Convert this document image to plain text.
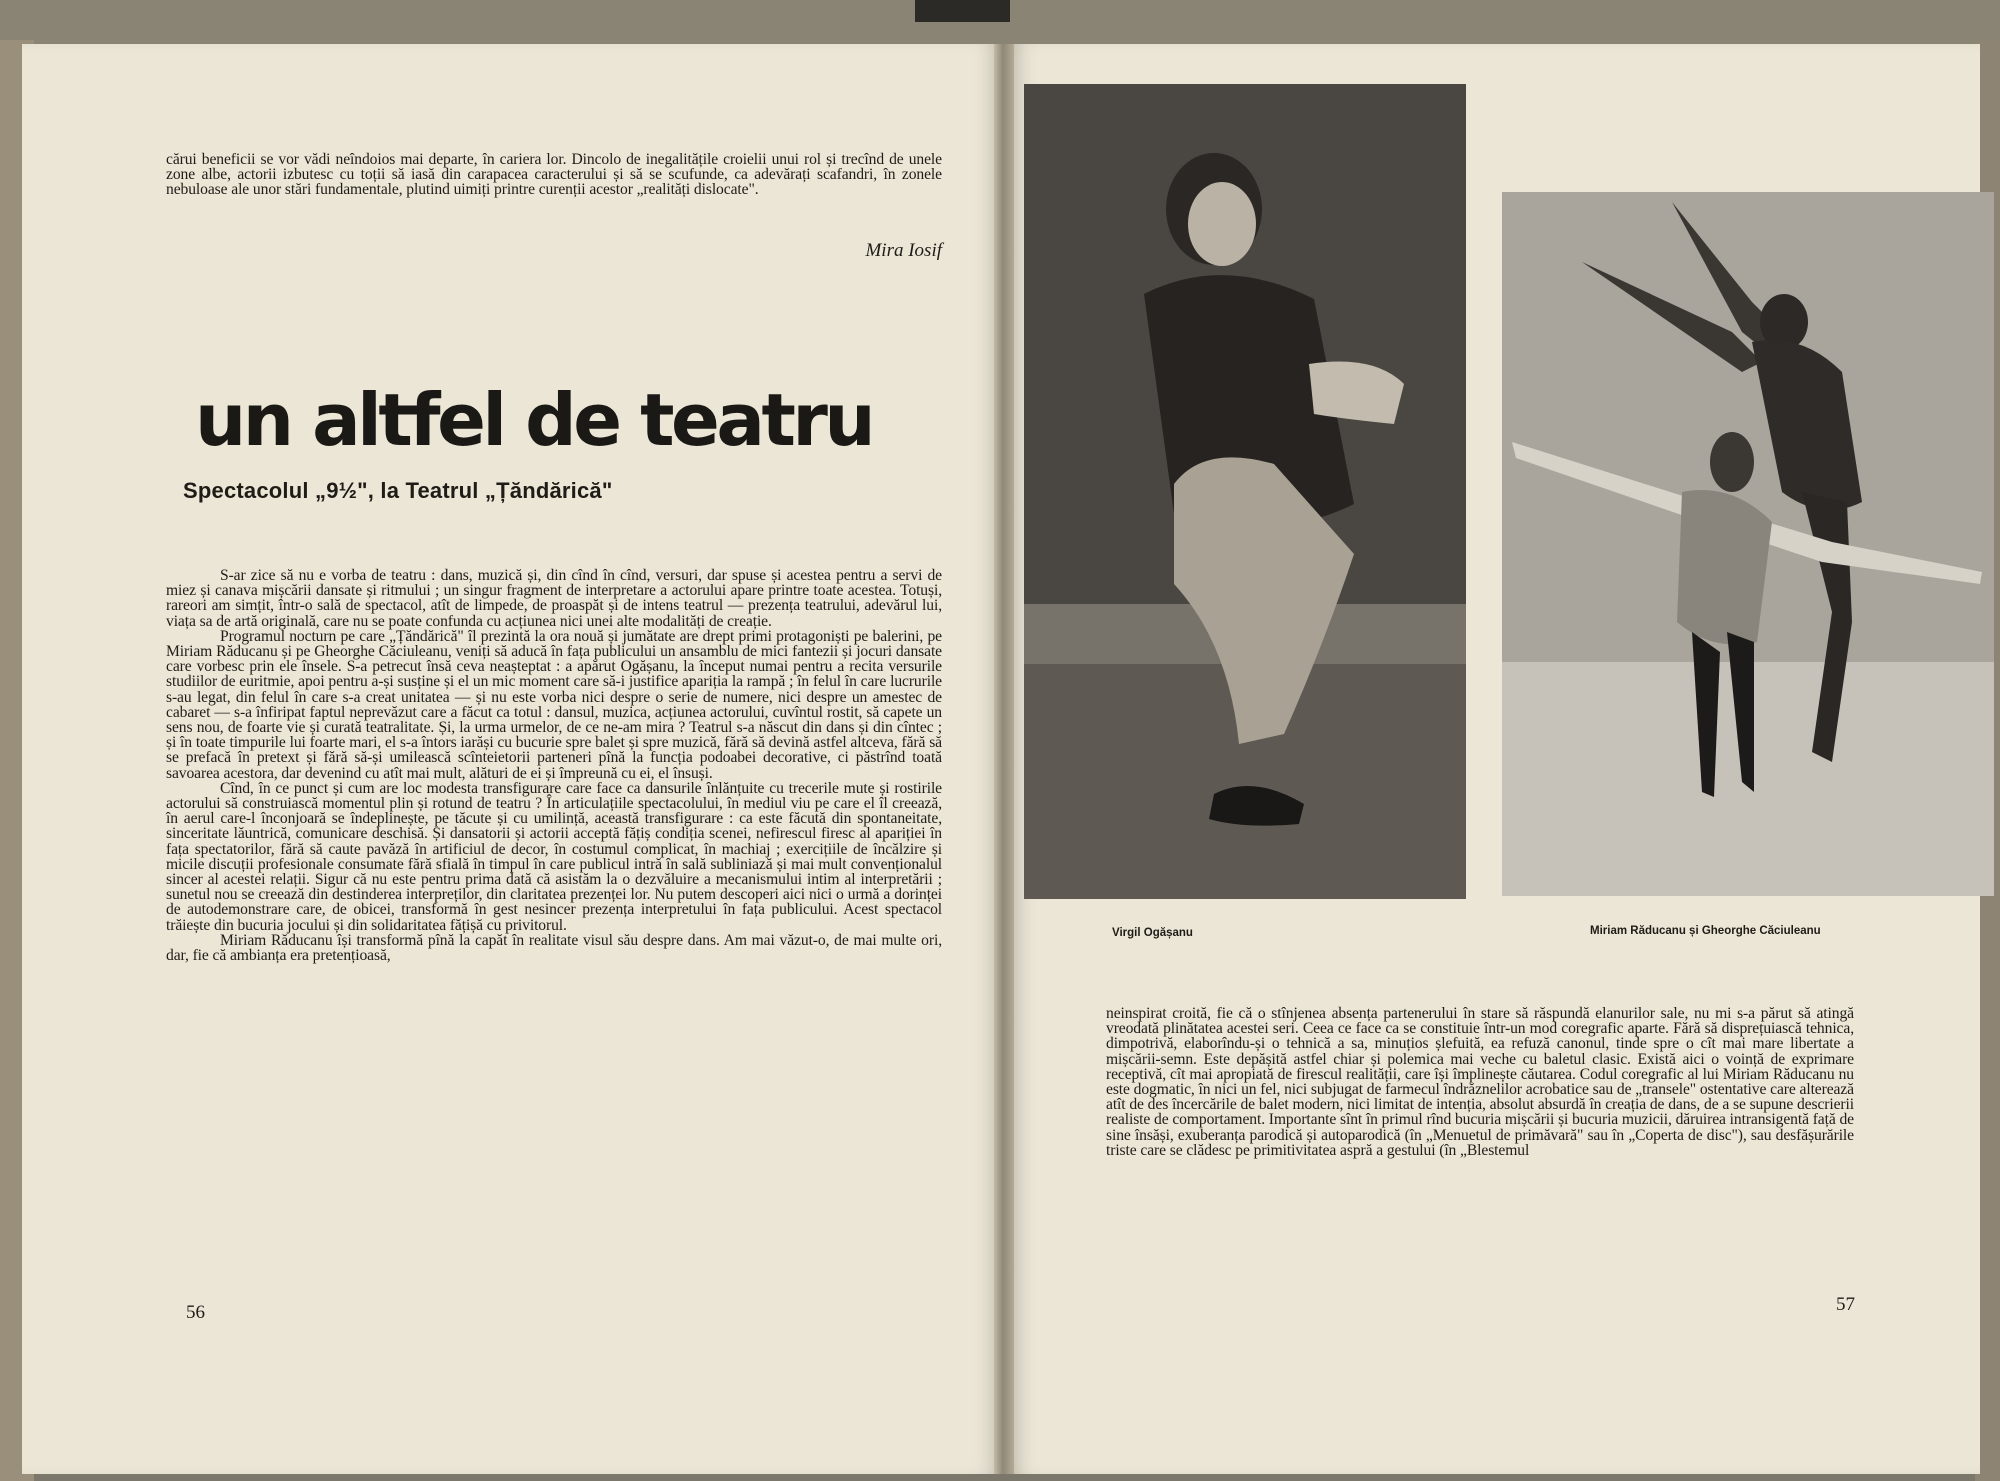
cărui beneficii se vor vădi neîndoios mai departe, în cariera lor. Dincolo de inegalitățile croielii unui rol și trecînd de unele zone albe, actorii izbutesc cu toții să iasă din carapacea caracterului și să se scufunde, ca adevărați scafandri, în zonele nebuloase ale unor stări fundamentale, plutind uimiți printre curenții acestor „realități dislocate".

Mira Iosif
un altfel de teatru
Spectacolul „9½", la Teatrul „Țăndărică"

S-ar zice să nu e vorba de teatru : dans, muzică și, din cînd în cînd, versuri, dar spuse și acestea pentru a servi de miez și canava mișcării dansate și ritmului ; un singur fragment de interpretare a actorului apare printre toate acestea. Totuși, rareori am simțit, într-o sală de spectacol, atît de limpede, de proaspăt și de intens teatrul — prezența teatrului, adevărul lui, viața sa de artă originală, care nu se poate confunda cu acțiunea nici unei alte modalități de creație.

Programul nocturn pe care „Țăndărică" îl prezintă la ora nouă și jumătate are drept primi protagoniști pe balerini, pe Miriam Răducanu și pe Gheorghe Căciuleanu, veniți să aducă în fața publicului un ansamblu de mici fantezii și jocuri dansate care vorbesc prin ele însele. S-a petrecut însă ceva neașteptat : a apărut Ogășanu, la început numai pentru a recita versurile studiilor de euritmie, apoi pentru a-și susține și el un mic moment care să-i justifice apariția la rampă ; în felul în care lucrurile s-au legat, din felul în care s-a creat unitatea — și nu este vorba nici despre o serie de numere, nici despre un amestec de cabaret — s-a înfiripat faptul neprevăzut care a făcut ca totul : dansul, muzica, acțiunea actorului, cuvîntul rostit, să capete un sens nou, de foarte vie și curată teatralitate. Și, la urma urmelor, de ce ne-am mira ? Teatrul s-a născut din dans și din cîntec ; și în toate timpurile lui foarte mari, el s-a întors iarăși cu bucurie spre balet și spre muzică, fără să devină astfel altceva, fără să se prefacă în pretext și fără să-și umilească scînteietorii parteneri pînă la funcția podoabei decorative, ci păstrînd toată savoarea acestora, dar devenind cu atît mai mult, alături de ei și împreună cu ei, el însuși.

Cînd, în ce punct și cum are loc modesta transfigurare care face ca dansurile înlănțuite cu trecerile mute și rostirile actorului să construiască momentul plin și rotund de teatru ? În articulațiile spectacolului, în mediul viu pe care el îl creează, în aerul care-l înconjoară se îndeplinește, pe tăcute și cu umilință, această transfigurare : ca este făcută din spontaneitate, sinceritate lăuntrică, comunicare deschisă. Și dansatorii și actorii acceptă fățiș condiția scenei, nefirescul firesc al apariției în fața spectatorilor, fără să caute pavăză în artificiul de decor, în costumul complicat, în machiaj ; exercițiile de încălzire și micile discuții profesionale consumate fără sfială în timpul în care publicul intră în sală subliniază și mai mult convenționalul sincer al acestei relații. Sigur că nu este pentru prima dată că asistăm la o dezvăluire a mecanismului intim al interpretării ; sunetul nou se creează din destinderea interpreților, din claritatea prezenței lor. Nu putem descoperi aici nici o urmă a dorinței de autodemonstrare care, de obicei, transformă în gest nesincer prezența interpretului în fața publicului. Acest spectacol trăiește din bucuria jocului și din solidaritatea fățișă cu privitorul.

Miriam Răducanu își transformă pînă la capăt în realitate visul său despre dans. Am mai văzut-o, de mai multe ori, dar, fie că ambianța era pretențioasă,

56

Virgil Ogășanu	Miriam Răducanu și Gheorghe Căciuleanu

neinspirat croită, fie că o stînjenea absența partenerului în stare să răspundă elanurilor sale, nu mi s-a părut să atingă vreodată plinătatea acestei seri. Ceea ce face ca se constituie într-un mod coregrafic aparte. Fără să disprețuiască tehnica, dimpotrivă, elaborîndu-și o tehnică a sa, minuțios șlefuită, ea refuză canonul, tinde spre o cît mai mare libertate a mișcării-semn. Este depășită astfel chiar și polemica mai veche cu baletul clasic. Există aici o voință de exprimare receptivă, cît mai apropiată de firescul realității, care își împlinește căutarea. Codul coregrafic al lui Miriam Răducanu nu este dogmatic, în nici un fel, nici subjugat de farmecul îndrăznelilor acrobatice sau de „transele" ostentative care alterează atît de des încercările de balet modern, nici limitat de intenția, absolut absurdă în creația de dans, de a se supune descrierii realiste de comportament. Importante sînt în primul rînd bucuria mișcării și bucuria muzicii, dăruirea intransigentă față de sine însăși, exuberanța parodică și autoparodică (în „Menuetul de primăvară" sau în „Coperta de disc"), sau desfășurările triste care se clădesc pe primitivitatea aspră a gestului (în „Blestemul

57
